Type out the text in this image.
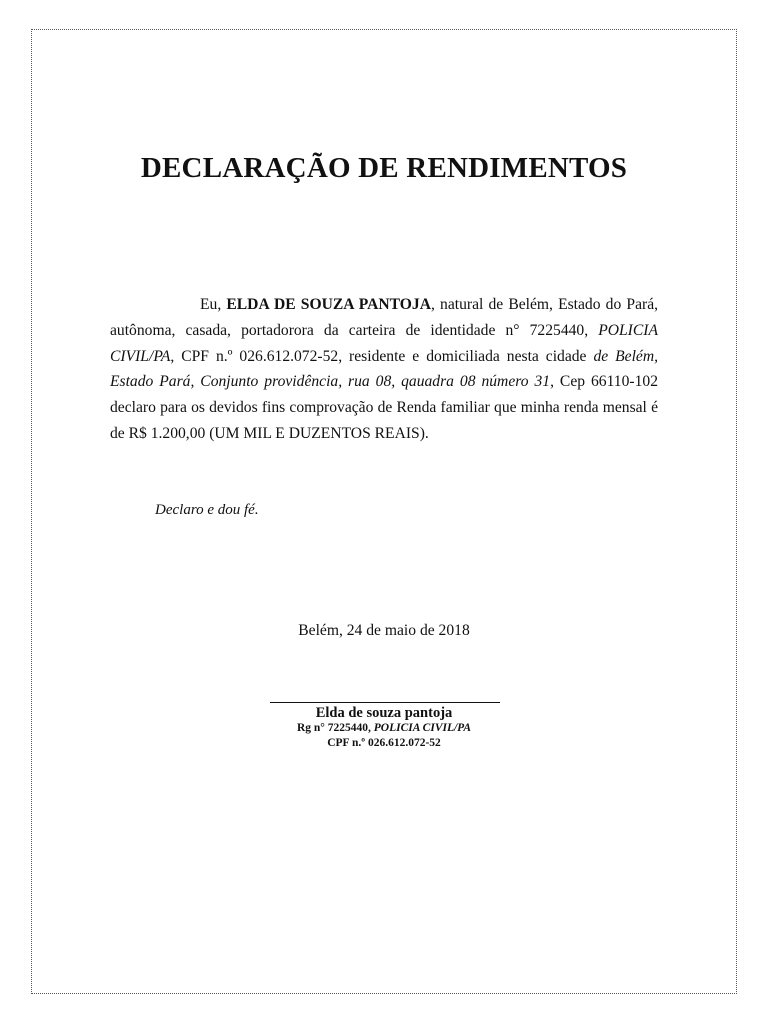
DECLARAÇÃO DE RENDIMENTOS

Eu, ELDA DE SOUZA PANTOJA, natural de Belém, Estado do Pará, autônoma, casada, portadorora da carteira de identidade n° 7225440, POLICIA CIVIL/PA, CPF n.º 026.612.072-52, residente e domiciliada nesta cidade de Belém, Estado Pará, Conjunto providência, rua 08, qauadra 08 número 31, Cep 66110-102 declaro para os devidos fins comprovação de Renda familiar que minha renda mensal é de R$ 1.200,00 (UM MIL E DUZENTOS REAIS).

Declaro e dou fé.
Belém, 24 de maio de 2018
Elda de souza pantoja
Rg n° 7225440, POLICIA CIVIL/PA
CPF n.º 026.612.072-52
